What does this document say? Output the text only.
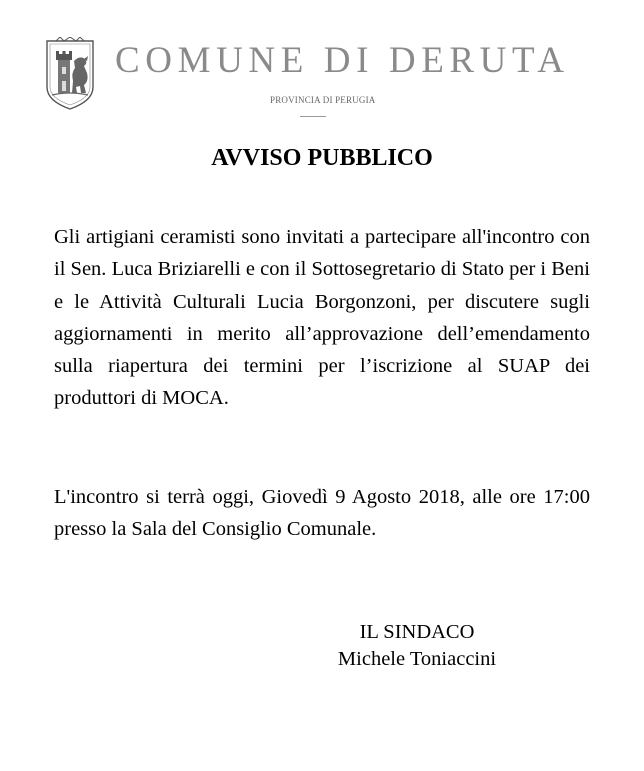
COMUNE DI DERUTA
PROVINCIA DI PERUGIA
AVVISO PUBBLICO

Gli artigiani ceramisti sono invitati a partecipare all'incontro con il Sen. Luca Briziarelli e con il Sottosegretario di Stato per i Beni e le Attività Culturali Lucia Borgonzoni, per discutere sugli aggiornamenti in merito all’approvazione dell’emendamento sulla riapertura dei termini per l’iscrizione al SUAP dei produttori di MOCA.

L'incontro si terrà oggi, Giovedì 9 Agosto 2018, alle ore 17:00 presso la Sala del Consiglio Comunale.

IL SINDACO
Michele Toniaccini
